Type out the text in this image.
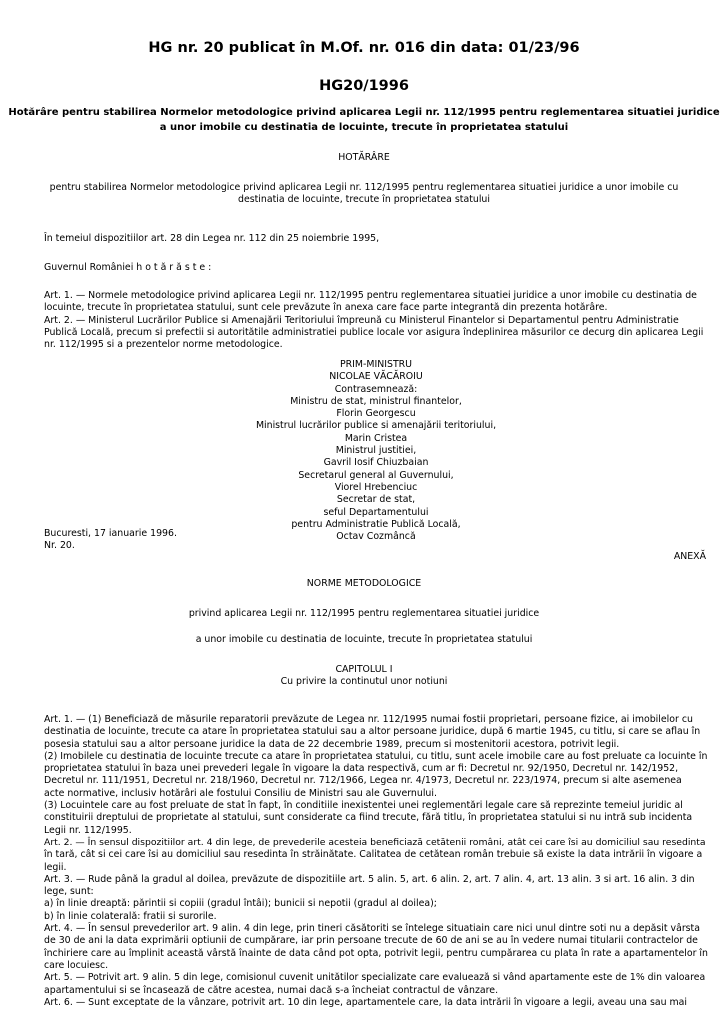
HG nr. 20 publicat în M.Of. nr. 016 din data: 01/23/96
HG20/1996
Hotărâre pentru stabilirea Normelor metodologice privind aplicarea Legii nr. 112/1995 pentru reglementarea situatiei juridice
a unor imobile cu destinatia de locuinte, trecute în proprietatea statului
HOTĂRÂRE
pentru stabilirea Normelor metodologice privind aplicarea Legii nr. 112/1995 pentru reglementarea situatiei juridice a unor imobile cu
destinatia de locuinte, trecute în proprietatea statului
În temeiul dispozitiilor art. 28 din Legea nr. 112 din 25 noiembrie 1995,
Guvernul României h o t ă r ă s t e :
Art. 1. — Normele metodologice privind aplicarea Legii nr. 112/1995 pentru reglementarea situatiei juridice a unor imobile cu destinatia de
locuinte, trecute în proprietatea statului, sunt cele prevăzute în anexa care face parte integrantă din prezenta hotărâre.
Art. 2. — Ministerul Lucrărilor Publice si Amenajării Teritoriului împreună cu Ministerul Finantelor si Departamentul pentru Administratie
Publică Locală, precum si prefectii si autoritătile administratiei publice locale vor asigura îndeplinirea măsurilor ce decurg din aplicarea Legii
nr. 112/1995 si a prezentelor norme metodologice.
PRIM-MINISTRU
NICOLAE VĂCĂROIU
Contrasemnează:
Ministru de stat, ministrul finantelor,
Florin Georgescu
Ministrul lucrărilor publice si amenajării teritoriului,
Marin Cristea
Ministrul justitiei,
Gavril Iosif Chiuzbaian
Secretarul general al Guvernului,
Viorel Hrebenciuc
Secretar de stat,
seful Departamentului
pentru Administratie Publică Locală,
Octav Cozmâncă
Bucuresti, 17 ianuarie 1996.
Nr. 20.
ANEXĂ
NORME METODOLOGICE
privind aplicarea Legii nr. 112/1995 pentru reglementarea situatiei juridice
a unor imobile cu destinatia de locuinte, trecute în proprietatea statului
CAPITOLUL I
Cu privire la continutul unor notiuni
Art. 1. — (1) Beneficiază de măsurile reparatorii prevăzute de Legea nr. 112/1995 numai fostii proprietari, persoane fizice, ai imobilelor cu
destinatia de locuinte, trecute ca atare în proprietatea statului sau a altor persoane juridice, după 6 martie 1945, cu titlu, si care se aflau în
posesia statului sau a altor persoane juridice la data de 22 decembrie 1989, precum si mostenitorii acestora, potrivit legii.
(2) Imobilele cu destinatia de locuinte trecute ca atare în proprietatea statului, cu titlu, sunt acele imobile care au fost preluate ca locuinte în
proprietatea statului în baza unei prevederi legale în vigoare la data respectivă, cum ar fi: Decretul nr. 92/1950, Decretul nr. 142/1952,
Decretul nr. 111/1951, Decretul nr. 218/1960, Decretul nr. 712/1966, Legea nr. 4/1973, Decretul nr. 223/1974, precum si alte asemenea
acte normative, inclusiv hotărâri ale fostului Consiliu de Ministri sau ale Guvernului.
(3) Locuintele care au fost preluate de stat în fapt, în conditiile inexistentei unei reglementări legale care să reprezinte temeiul juridic al
constituirii dreptului de proprietate al statului, sunt considerate ca fiind trecute, fără titlu, în proprietatea statului si nu intră sub incidenta
Legii nr. 112/1995.
Art. 2. — În sensul dispozitiilor art. 4 din lege, de prevederile acesteia beneficiază cetătenii români, atât cei care îsi au domiciliul sau resedinta
în tară, cât si cei care îsi au domiciliul sau resedinta în străinătate. Calitatea de cetătean român trebuie să existe la data intrării în vigoare a
legii.
Art. 3. — Rude până la gradul al doilea, prevăzute de dispozitiile art. 5 alin. 5, art. 6 alin. 2, art. 7 alin. 4, art. 13 alin. 3 si art. 16 alin. 3 din
lege, sunt:
a) în linie dreaptă: părintii si copiii (gradul întâi); bunicii si nepotii (gradul al doilea);
b) în linie colaterală: fratii si surorile.
Art. 4. — În sensul prevederilor art. 9 alin. 4 din lege, prin tineri căsătoriti se întelege situatiain care nici unul dintre soti nu a depăsit vârsta
de 30 de ani la data exprimării optiunii de cumpărare, iar prin persoane trecute de 60 de ani se au în vedere numai titularii contractelor de
închiriere care au împlinit această vârstă înainte de data când pot opta, potrivit legii, pentru cumpărarea cu plata în rate a apartamentelor în
care locuiesc.
Art. 5. — Potrivit art. 9 alin. 5 din lege, comisionul cuvenit unitătilor specializate care evaluează si vând apartamente este de 1% din valoarea
apartamentului si se încasează de către acestea, numai dacă s-a încheiat contractul de vânzare.
Art. 6. — Sunt exceptate de la vânzare, potrivit art. 10 din lege, apartamentele care, la data intrării în vigoare a legii, aveau una sau mai
